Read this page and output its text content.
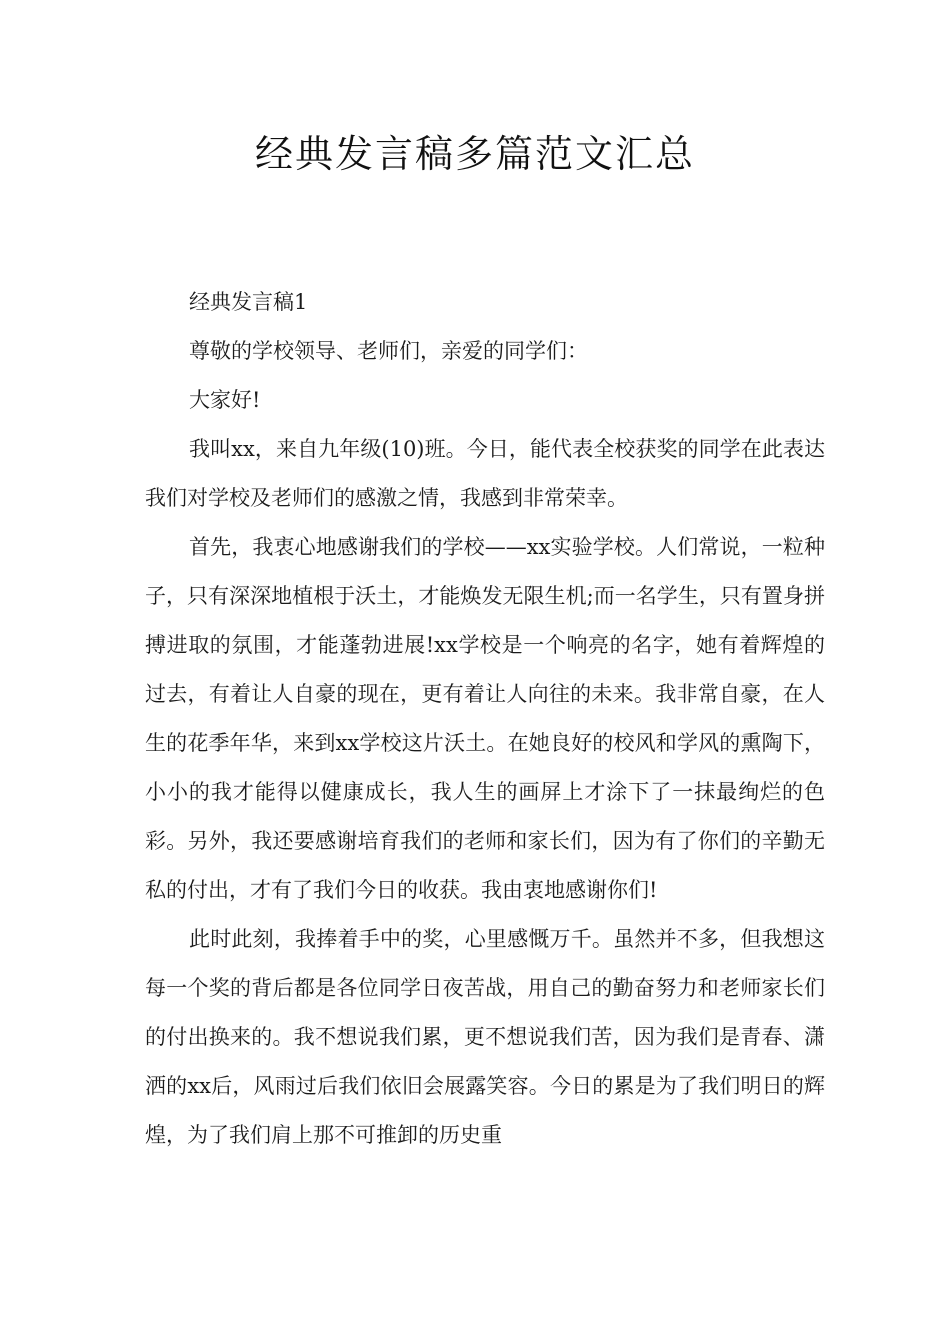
经典发言稿多篇范文汇总

经典发言稿1

尊敬的学校领导、老师们，亲爱的同学们：

大家好!

我叫xx，来自九年级(10)班。今日，能代表全校获奖的同学在此表达我们对学校及老师们的感激之情，我感到非常荣幸。

首先，我衷心地感谢我们的学校——xx实验学校。人们常说，一粒种子，只有深深地植根于沃土，才能焕发无限生机;而一名学生，只有置身拼搏进取的氛围，才能蓬勃进展!xx学校是一个响亮的名字，她有着辉煌的过去，有着让人自豪的现在，更有着让人向往的未来。我非常自豪，在人生的花季年华，来到xx学校这片沃土。在她良好的校风和学风的熏陶下，小小的我才能得以健康成长，我人生的画屏上才涂下了一抹最绚烂的色彩。另外，我还要感谢培育我们的老师和家长们，因为有了你们的辛勤无私的付出，才有了我们今日的收获。我由衷地感谢你们!

此时此刻，我捧着手中的奖，心里感慨万千。虽然并不多，但我想这每一个奖的背后都是各位同学日夜苦战，用自己的勤奋努力和老师家长们的付出换来的。我不想说我们累，更不想说我们苦，因为我们是青春、潇洒的xx后，风雨过后我们依旧会展露笑容。今日的累是为了我们明日的辉煌，为了我们肩上那不可推卸的历史重
